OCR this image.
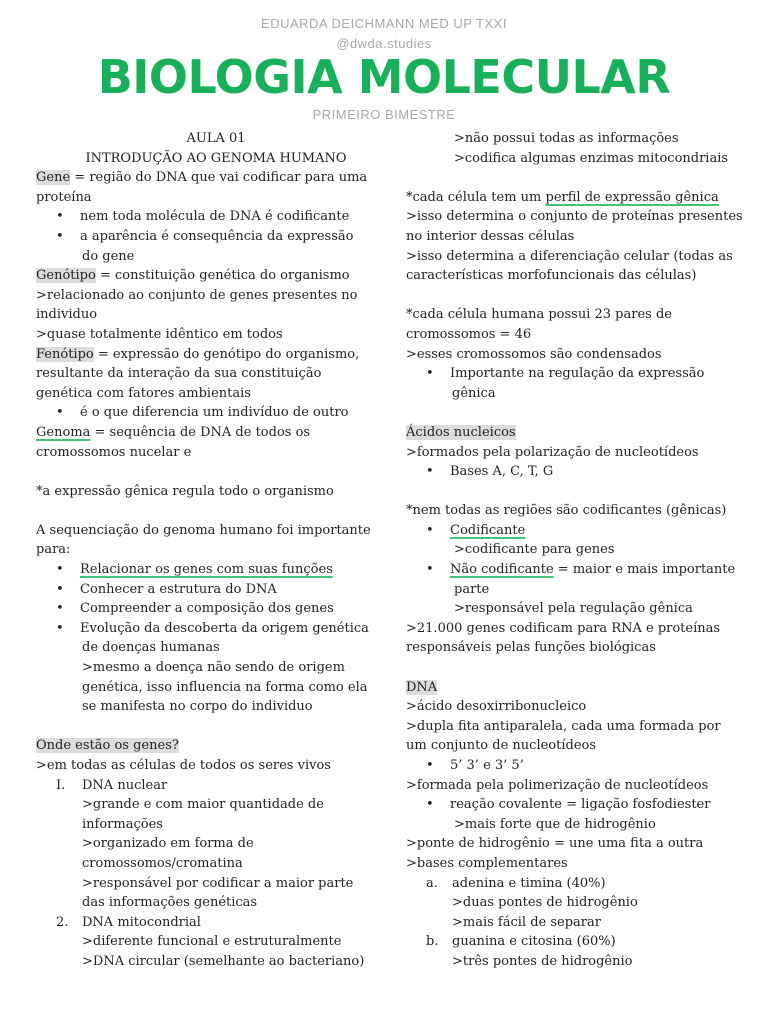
EDUARDA DEICHMANN MED UP TXXI
@dwda.studies
BIOLOGIA MOLECULAR
PRIMEIRO BIMESTRE
AULA 01
INTRODUÇÃO AO GENOMA HUMANO
Gene = região do DNA que vai codificar para uma
proteína
• nem toda molécula de DNA é codificante
• a aparência é consequência da expressão
do gene
Genótipo = constituição genética do organismo
>relacionado ao conjunto de genes presentes no
individuo
>quase totalmente idêntico em todos
Fenótipo = expressão do genótipo do organismo,
resultante da interação da sua constituição
genética com fatores ambientais
• é o que diferencia um indivíduo de outro
Genoma = sequência de DNA de todos os
cromossomos nucelar e
*a expressão gênica regula todo o organismo
A sequenciação do genoma humano foi importante
para:
• Relacionar os genes com suas funções
• Conhecer a estrutura do DNA
• Compreender a composição dos genes
• Evolução da descoberta da origem genética
de doenças humanas
>mesmo a doença não sendo de origem
genética, isso influencia na forma como ela
se manifesta no corpo do individuo
Onde estão os genes?
>em todas as células de todos os seres vivos
I. DNA nuclear
>grande e com maior quantidade de
informações
>organizado em forma de
cromossomos/cromatina
>responsável por codificar a maior parte
das informações genéticas
2. DNA mitocondrial
>diferente funcional e estruturalmente
>DNA circular (semelhante ao bacteriano)
>não possui todas as informações
>codifica algumas enzimas mitocondriais
*cada célula tem um perfil de expressão gênica
>isso determina o conjunto de proteínas presentes
no interior dessas células
>isso determina a diferenciação celular (todas as
características morfofuncionais das células)
*cada célula humana possui 23 pares de
cromossomos = 46
>esses cromossomos são condensados
• Importante na regulação da expressão
gênica
Ácidos nucleicos
>formados pela polarização de nucleotídeos
• Bases A, C, T, G
*nem todas as regiões são codificantes (gênicas)
• Codificante
>codificante para genes
• Não codificante = maior e mais importante
parte
>responsável pela regulação gênica
>21.000 genes codificam para RNA e proteínas
responsáveis pelas funções biológicas
DNA
>ácido desoxirribonucleico
>dupla fita antiparalela, cada uma formada por
um conjunto de nucleotídeos
• 5’ 3’ e 3’ 5’
>formada pela polimerização de nucleotídeos
• reação covalente = ligação fosfodiester
>mais forte que de hidrogênio
>ponte de hidrogênio = une uma fita a outra
>bases complementares
a. adenina e timina (40%)
>duas pontes de hidrogênio
>mais fácil de separar
b. guanina e citosina (60%)
>três pontes de hidrogênio
